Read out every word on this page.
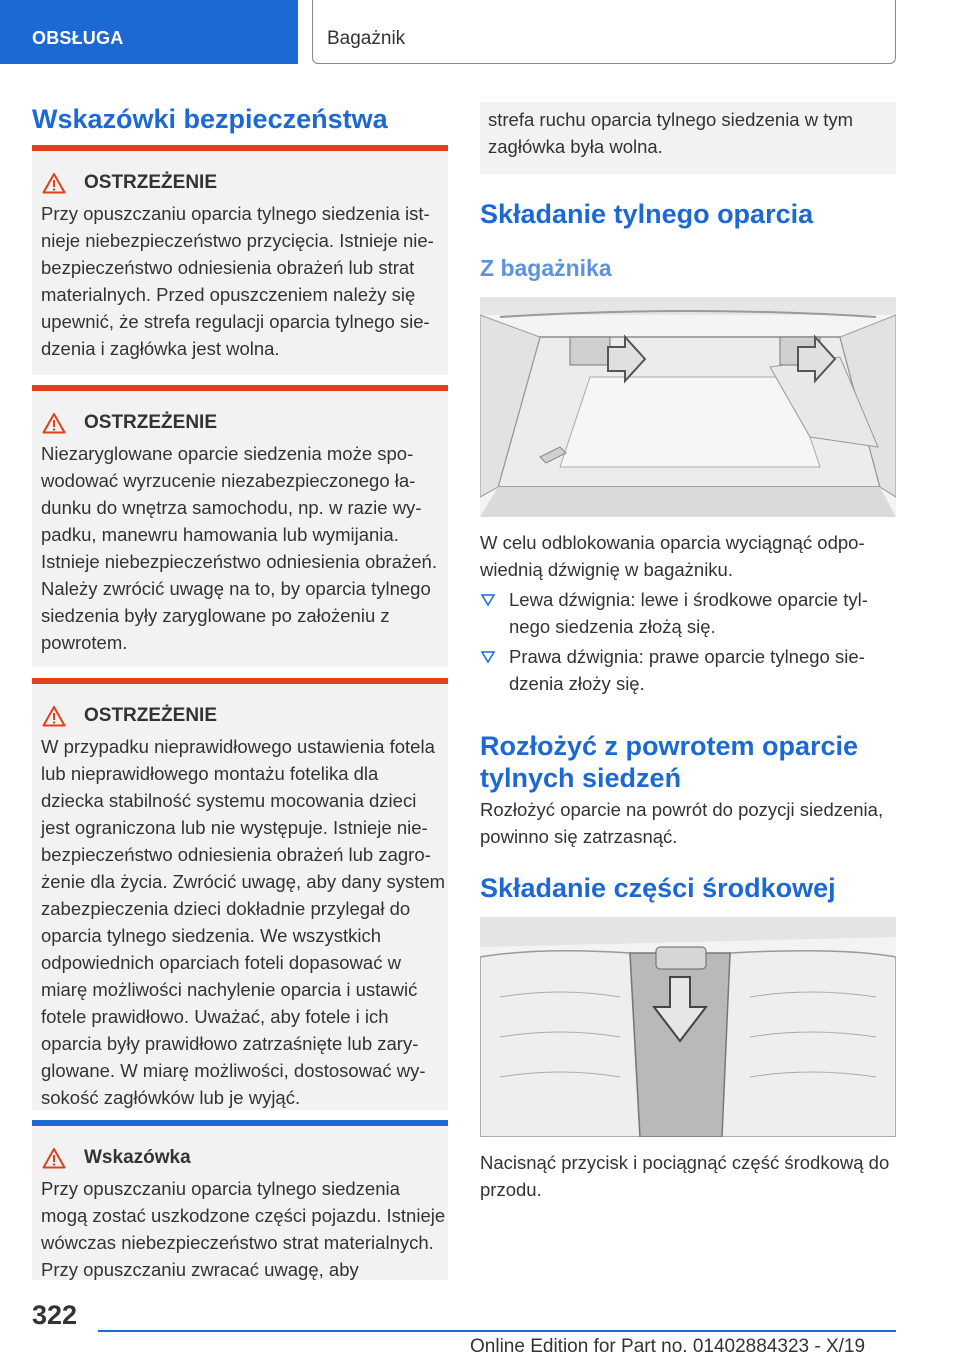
OBSŁUGA	Bagażnik
Wskazówki bezpieczeństwa
OSTRZEŻENIE
Przy opuszczaniu oparcia tylnego siedzenia istnieje niebezpieczeństwo przycięcia. Istnieje niebezpieczeństwo odniesienia obrażeń lub strat materialnych. Przed opuszczeniem należy się upewnić, że strefa regulacji oparcia tylnego siedzenia i zagłówka jest wolna.
OSTRZEŻENIE
Niezaryglowane oparcie siedzenia może spowodować wyrzucenie niezabezpieczonego ładunku do wnętrza samochodu, np. w razie wypadku, manewru hamowania lub wymijania. Istnieje niebezpieczeństwo odniesienia obrażeń. Należy zwrócić uwagę na to, by oparcia tylnego siedzenia były zaryglowane po założeniu z powrotem.
OSTRZEŻENIE
W przypadku nieprawidłowego ustawienia fotela lub nieprawidłowego montażu fotelika dla dziecka stabilność systemu mocowania dzieci jest ograniczona lub nie występuje. Istnieje niebezpieczeństwo odniesienia obrażeń lub zagrożenie dla życia. Zwrócić uwagę, aby dany system zabezpieczenia dzieci dokładnie przylegał do oparcia tylnego siedzenia. We wszystkich odpowiednich oparciach foteli dopasować w miarę możliwości nachylenie oparcia i ustawić fotele prawidłowo. Uważać, aby fotele i ich oparcia były prawidłowo zatrzaśnięte lub zaryglowane. W miarę możliwości, dostosować wysokość zagłówków lub je wyjąć.
Wskazówka
Przy opuszczaniu oparcia tylnego siedzenia mogą zostać uszkodzone części pojazdu. Istnieje wówczas niebezpieczeństwo strat materialnych. Przy opuszczaniu zwracać uwagę, aby

strefa ruchu oparcia tylnego siedzenia w tym zagłówka była wolna.

Składanie tylnego oparcia
Z bagażnika
W celu odblokowania oparcia wyciągnąć odpowiednią dźwignię w bagażniku.
Lewa dźwignia: lewe i środkowe oparcie tylnego siedzenia złożą się.
Prawa dźwignia: prawe oparcie tylnego siedzenia złoży się.
Rozłożyć z powrotem oparcie tylnych siedzeń
Rozłożyć oparcie na powrót do pozycji siedzenia, powinno się zatrzasnąć.
Składanie części środkowej
Nacisnąć przycisk i pociągnąć część środkową do przodu.
322
Online Edition for Part no. 01402884323 - X/19
